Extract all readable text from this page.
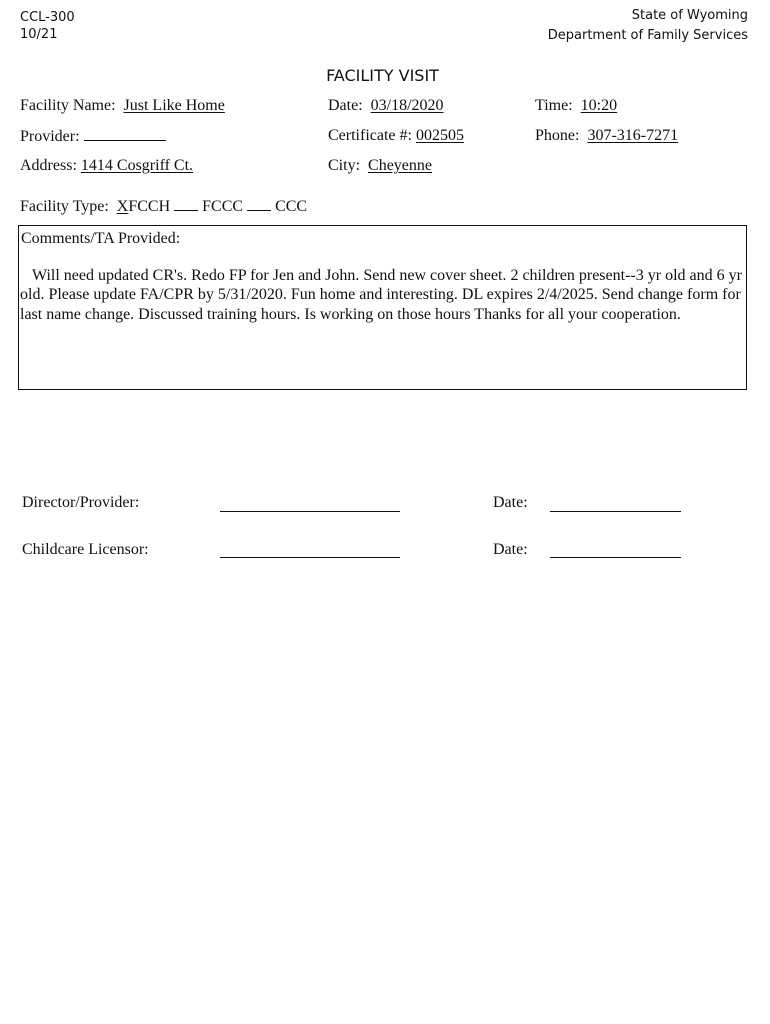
CCL-300
10/21
State of Wyoming
Department of Family Services
FACILITY VISIT
Facility Name: Just Like Home	Date: 03/18/2020	Time: 10:20
Provider:	Certificate #: 002505	Phone: 307-316-7271
Address: 1414 Cosgriff Ct.	City: Cheyenne
Facility Type: XFCCH FCCC CCC
Comments/TA Provided:
Will need updated CR's. Redo FP for Jen and John. Send new cover sheet. 2 children present--3 yr old and 6 yr old. Please update FA/CPR by 5/31/2020. Fun home and interesting. DL expires 2/4/2025. Send change form for last name change. Discussed training hours. Is working on those hours Thanks for all your cooperation.
Director/Provider:	Date:
Childcare Licensor:	Date:
